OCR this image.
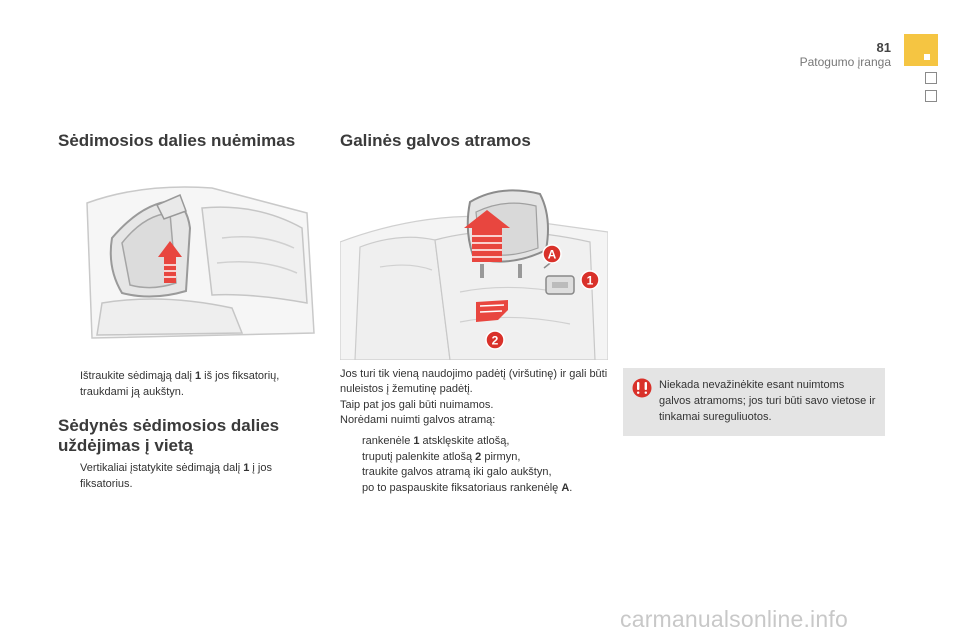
81
Patogumo įranga
Sėdimosios dalies nuėmimas
Ištraukite sėdimąją dalį 1 iš jos fiksatorių, traukdami ją aukštyn.
Sėdynės sėdimosios dalies uždėjimas į vietą
Vertikaliai įstatykite sėdimąją dalį 1 į jos fiksatorius.
Galinės galvos atramos
A
1
2
Jos turi tik vieną naudojimo padėtį (viršutinę) ir gali būti nuleistos į žemutinę padėtį.
Taip pat jos gali būti nuimamos.
Norėdami nuimti galvos atramą:
rankenėle 1 atsklęskite atlošą,
truputį palenkite atlošą 2 pirmyn,
traukite galvos atramą iki galo aukštyn,
po to paspauskite fiksatoriaus rankenėlę A.
Niekada nevažinėkite esant nuimtoms galvos atramoms; jos turi būti savo vietose ir tinkamai sureguliuotos.
carmanualsonline.info
